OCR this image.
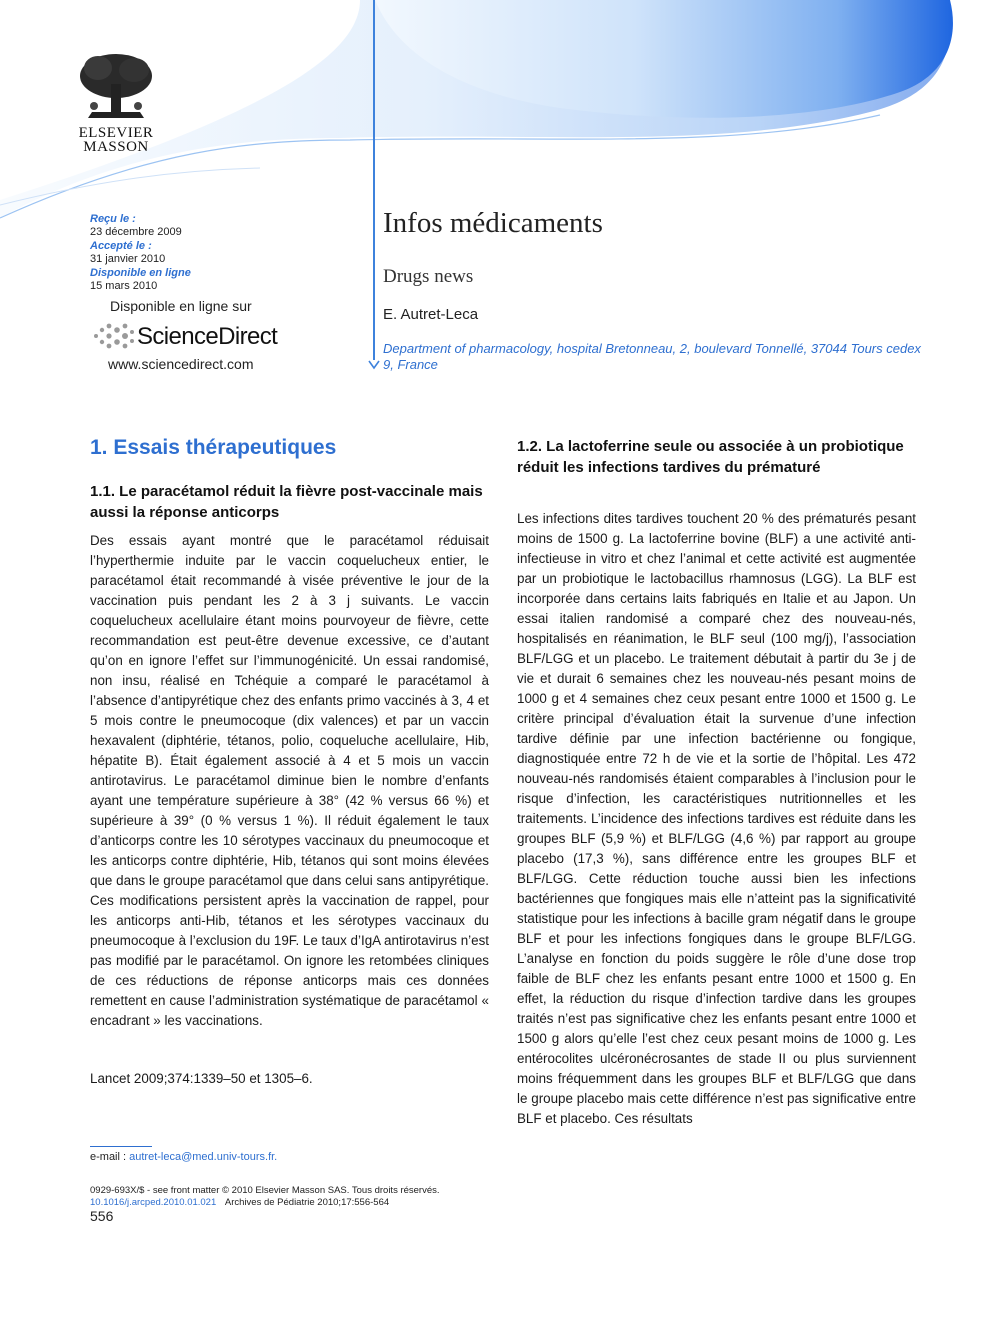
ELSEVIER
MASSON
Reçu le :
23 décembre 2009
Accepté le :
31 janvier 2010
Disponible en ligne
15 mars 2010
Disponible en ligne sur
ScienceDirect
www.sciencedirect.com
Infos médicaments
Drugs news
E. Autret-Leca
Department of pharmacology, hospital Bretonneau, 2, boulevard Tonnellé, 37044 Tours cedex 9, France
1. Essais thérapeutiques
1.1. Le paracétamol réduit la fièvre post-vaccinale mais aussi la réponse anticorps
Des essais ayant montré que le paracétamol réduisait l’hyperthermie induite par le vaccin coquelucheux entier, le paracétamol était recommandé à visée préventive le jour de la vaccination puis pendant les 2 à 3 j suivants. Le vaccin coquelucheux acellulaire étant moins pourvoyeur de fièvre, cette recommandation est peut-être devenue excessive, ce d’autant qu’on en ignore l’effet sur l’immunogénicité. Un essai randomisé, non insu, réalisé en Tchéquie a comparé le paracétamol à l’absence d’antipyrétique chez des enfants primo vaccinés à 3, 4 et 5 mois contre le pneumocoque (dix valences) et par un vaccin hexavalent (diphtérie, tétanos, polio, coqueluche acellulaire, Hib, hépatite B). Était également associé à 4 et 5 mois un vaccin antirotavirus. Le paracétamol diminue bien le nombre d’enfants ayant une température supérieure à 38° (42 % versus 66 %) et supérieure à 39° (0 % versus 1 %). Il réduit également le taux d’anticorps contre les 10 sérotypes vaccinaux du pneumocoque et les anticorps contre diphtérie, Hib, tétanos qui sont moins élevées que dans le groupe paracétamol que dans celui sans antipyrétique. Ces modifications persistent après la vaccination de rappel, pour les anticorps anti-Hib, tétanos et les sérotypes vaccinaux du pneumocoque à l’exclusion du 19F. Le taux d’IgA antirotavirus n’est pas modifié par le paracétamol. On ignore les retombées cliniques de ces réductions de réponse anticorps mais ces données remettent en cause l’administration systématique de paracétamol « encadrant » les vaccinations.
Lancet 2009;374:1339–50 et 1305–6.
1.2. La lactoferrine seule ou associée à un probiotique réduit les infections tardives du prématuré
Les infections dites tardives touchent 20 % des prématurés pesant moins de 1500 g. La lactoferrine bovine (BLF) a une activité anti-infectieuse in vitro et chez l’animal et cette activité est augmentée par un probiotique le lactobacillus rhamnosus (LGG). La BLF est incorporée dans certains laits fabriqués en Italie et au Japon. Un essai italien randomisé a comparé chez des nouveau-nés, hospitalisés en réanimation, le BLF seul (100 mg/j), l’association BLF/LGG et un placebo. Le traitement débutait à partir du 3e j de vie et durait 6 semaines chez les nouveau-nés pesant moins de 1000 g et 4 semaines chez ceux pesant entre 1000 et 1500 g. Le critère principal d’évaluation était la survenue d’une infection tardive définie par une infection bactérienne ou fongique, diagnostiquée entre 72 h de vie et la sortie de l’hôpital. Les 472 nouveau-nés randomisés étaient comparables à l’inclusion pour le risque d’infection, les caractéristiques nutritionnelles et les traitements. L’incidence des infections tardives est réduite dans les groupes BLF (5,9 %) et BLF/LGG (4,6 %) par rapport au groupe placebo (17,3 %), sans différence entre les groupes BLF et BLF/LGG. Cette réduction touche aussi bien les infections bactériennes que fongiques mais elle n’atteint pas la significativité statistique pour les infections à bacille gram négatif dans le groupe BLF et pour les infections fongiques dans le groupe BLF/LGG. L’analyse en fonction du poids suggère le rôle d’une dose trop faible de BLF chez les enfants pesant entre 1000 et 1500 g. En effet, la réduction du risque d’infection tardive dans les groupes traités n’est pas significative chez les enfants pesant entre 1000 et 1500 g alors qu’elle l’est chez ceux pesant moins de 1000 g. Les entérocolites ulcéronécrosantes de stade II ou plus surviennent moins fréquemment dans les groupes BLF et BLF/LGG que dans le groupe placebo mais cette différence n’est pas significative entre BLF et placebo. Ces résultats
e-mail : autret-leca@med.univ-tours.fr.
0929-693X/$ - see front matter © 2010 Elsevier Masson SAS. Tous droits réservés.
10.1016/j.arcped.2010.01.021 Archives de Pédiatrie 2010;17:556-564
556
